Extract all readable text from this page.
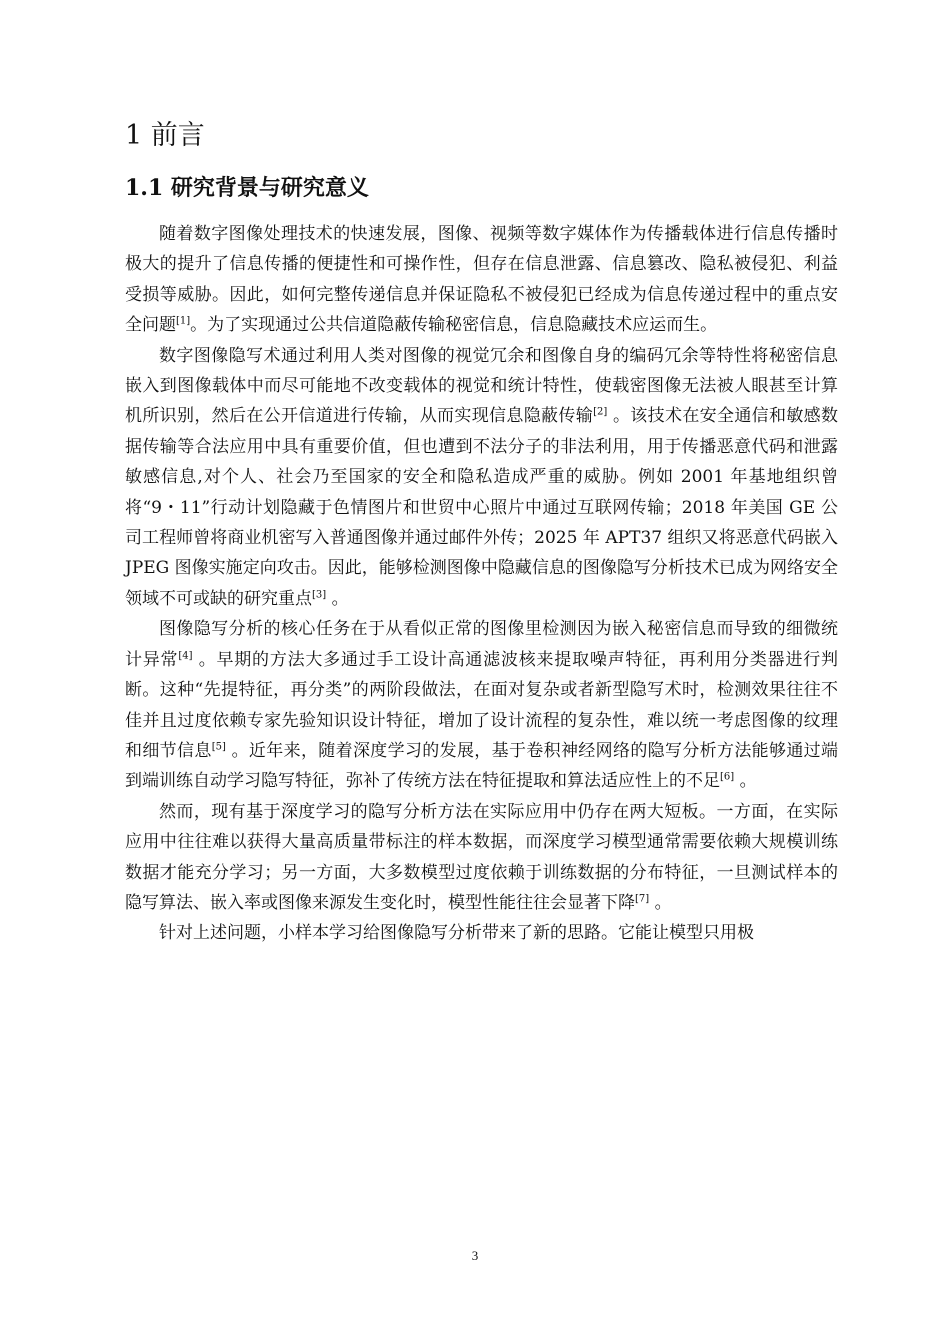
1 前言
1.1 研究背景与研究意义

随着数字图像处理技术的快速发展，图像、视频等数字媒体作为传播载体进行信息传播时极大的提升了信息传播的便捷性和可操作性，但存在信息泄露、信息篡改、隐私被侵犯、利益受损等威胁。因此，如何完整传递信息并保证隐私不被侵犯已经成为信息传递过程中的重点安全问题[1]。为了实现通过公共信道隐蔽传输秘密信息，信息隐藏技术应运而生。

数字图像隐写术通过利用人类对图像的视觉冗余和图像自身的编码冗余等特性将秘密信息嵌入到图像载体中而尽可能地不改变载体的视觉和统计特性，使载密图像无法被人眼甚至计算机所识别，然后在公开信道进行传输，从而实现信息隐蔽传输[2] 。该技术在安全通信和敏感数据传输等合法应用中具有重要价值，但也遭到不法分子的非法利用，用于传播恶意代码和泄露敏感信息,对个人、社会乃至国家的安全和隐私造成严重的威胁。例如 2001 年基地组织曾将“9・11”行动计划隐藏于色情图片和世贸中心照片中通过互联网传输；2018 年美国 GE 公司工程师曾将商业机密写入普通图像并通过邮件外传；2025 年 APT37 组织又将恶意代码嵌入 JPEG 图像实施定向攻击。因此，能够检测图像中隐藏信息的图像隐写分析技术已成为网络安全领域不可或缺的研究重点[3] 。

图像隐写分析的核心任务在于从看似正常的图像里检测因为嵌入秘密信息而导致的细微统计异常[4] 。早期的方法大多通过手工设计高通滤波核来提取噪声特征，再利用分类器进行判断。这种“先提特征，再分类”的两阶段做法，在面对复杂或者新型隐写术时，检测效果往往不佳并且过度依赖专家先验知识设计特征，增加了设计流程的复杂性，难以统一考虑图像的纹理和细节信息[5] 。近年来，随着深度学习的发展，基于卷积神经网络的隐写分析方法能够通过端到端训练自动学习隐写特征，弥补了传统方法在特征提取和算法适应性上的不足[6] 。

然而，现有基于深度学习的隐写分析方法在实际应用中仍存在两大短板。一方面，在实际应用中往往难以获得大量高质量带标注的样本数据，而深度学习模型通常需要依赖大规模训练数据才能充分学习；另一方面，大多数模型过度依赖于训练数据的分布特征，一旦测试样本的隐写算法、嵌入率或图像来源发生变化时，模型性能往往会显著下降[7] 。

针对上述问题，小样本学习给图像隐写分析带来了新的思路。它能让模型只用极

3
